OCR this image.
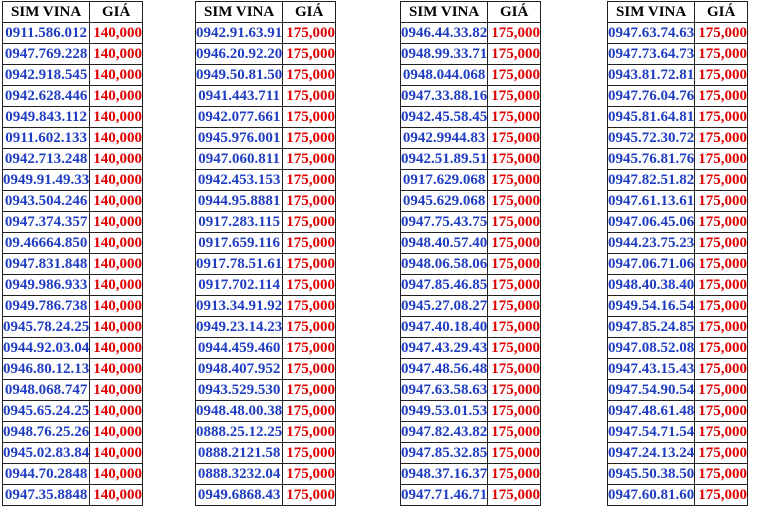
SIM VINA	GIÁ
0911.586.012	140,000
0947.769.228	140,000
0942.918.545	140,000
0942.628.446	140,000
0949.843.112	140,000
0911.602.133	140,000
0942.713.248	140,000
0949.91.49.33	140,000
0943.504.246	140,000
0947.374.357	140,000
09.46664.850	140,000
0947.831.848	140,000
0949.986.933	140,000
0949.786.738	140,000
0945.78.24.25	140,000
0944.92.03.04	140,000
0946.80.12.13	140,000
0948.068.747	140,000
0945.65.24.25	140,000
0948.76.25.26	140,000
0945.02.83.84	140,000
0944.70.2848	140,000
0947.35.8848	140,000
SIM VINA	GIÁ
0942.91.63.91	175,000
0946.20.92.20	175,000
0949.50.81.50	175,000
0941.443.711	175,000
0942.077.661	175,000
0945.976.001	175,000
0947.060.811	175,000
0942.453.153	175,000
0944.95.8881	175,000
0917.283.115	175,000
0917.659.116	175,000
0917.78.51.61	175,000
0917.702.114	175,000
0913.34.91.92	175,000
0949.23.14.23	175,000
0944.459.460	175,000
0948.407.952	175,000
0943.529.530	175,000
0948.48.00.38	175,000
0888.25.12.25	175,000
0888.2121.58	175,000
0888.3232.04	175,000
0949.6868.43	175,000
SIM VINA	GIÁ
0946.44.33.82	175,000
0948.99.33.71	175,000
0948.044.068	175,000
0947.33.88.16	175,000
0942.45.58.45	175,000
0942.9944.83	175,000
0942.51.89.51	175,000
0917.629.068	175,000
0945.629.068	175,000
0947.75.43.75	175,000
0948.40.57.40	175,000
0948.06.58.06	175,000
0947.85.46.85	175,000
0945.27.08.27	175,000
0947.40.18.40	175,000
0947.43.29.43	175,000
0947.48.56.48	175,000
0947.63.58.63	175,000
0949.53.01.53	175,000
0947.82.43.82	175,000
0947.85.32.85	175,000
0948.37.16.37	175,000
0947.71.46.71	175,000
SIM VINA	GIÁ
0947.63.74.63	175,000
0947.73.64.73	175,000
0943.81.72.81	175,000
0947.76.04.76	175,000
0945.81.64.81	175,000
0945.72.30.72	175,000
0945.76.81.76	175,000
0947.82.51.82	175,000
0947.61.13.61	175,000
0947.06.45.06	175,000
0944.23.75.23	175,000
0947.06.71.06	175,000
0948.40.38.40	175,000
0949.54.16.54	175,000
0947.85.24.85	175,000
0947.08.52.08	175,000
0947.43.15.43	175,000
0947.54.90.54	175,000
0947.48.61.48	175,000
0947.54.71.54	175,000
0947.24.13.24	175,000
0945.50.38.50	175,000
0947.60.81.60	175,000
